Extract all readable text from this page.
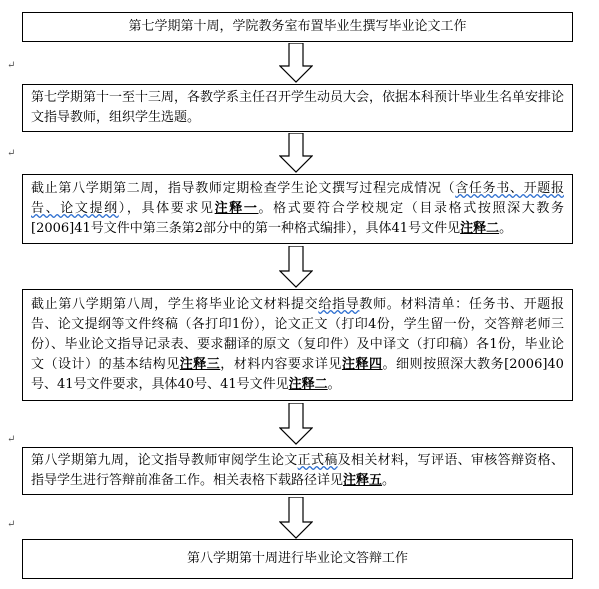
第七学期第十周，学院教务室布置毕业生撰写毕业论文工作
↵
第七学期第十一至十三周，各教学系主任召开学生动员大会，依据本科预计毕业生名单安排论文指导教师，组织学生选题。
↵
截止第八学期第二周，指导教师定期检查学生论文撰写过程完成情况（含任务书、开题报告、论文提纲），具体要求见注释一。格式要符合学校规定（目录格式按照深大教务[2006]41号文件中第三条第2部分中的第一种格式编排），具体41号文件见注释二。
截止第八学期第八周，学生将毕业论文材料提交给指导教师。材料清单：任务书、开题报告、论文提纲等文件终稿（各打印1份），论文正文（打印4份，学生留一份，交答辩老师三份）、毕业论文指导记录表、要求翻译的原文（复印件）及中译文（打印稿）各1份，毕业论文（设计）的基本结构见注释三，材料内容要求详见注释四。细则按照深大教务[2006]40号、41号文件要求，具体40号、41号文件见注释二。
↵
第八学期第九周，论文指导教师审阅学生论文正式稿及相关材料，写评语、审核答辩资格、指导学生进行答辩前准备工作。相关表格下载路径详见注释五。
↵
第八学期第十周进行毕业论文答辩工作
